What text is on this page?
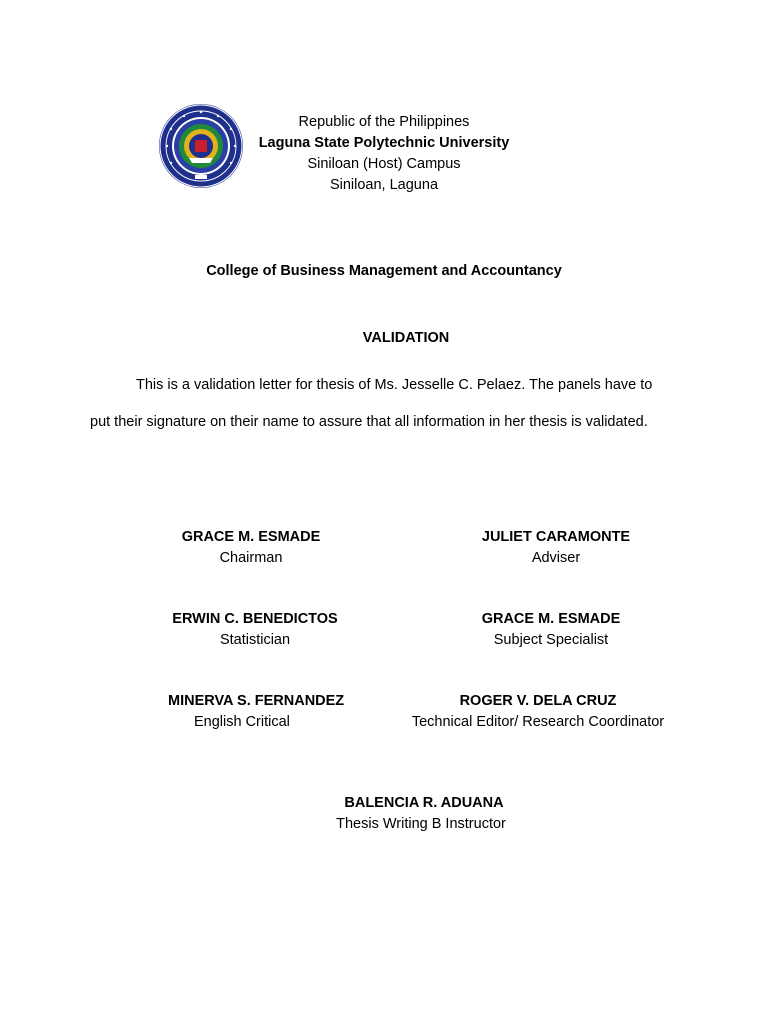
Republic of the Philippines
Laguna State Polytechnic University
Siniloan (Host) Campus
Siniloan, Laguna
College of Business Management and Accountancy
VALIDATION
This is a validation letter for thesis of Ms. Jesselle C. Pelaez. The panels have to
put their signature on their name to assure that all information in her thesis is validated.
GRACE M. ESMADE
Chairman
JULIET CARAMONTE
Adviser
ERWIN C. BENEDICTOS
Statistician
GRACE M. ESMADE
Subject Specialist
MINERVA S. FERNANDEZ
English Critical
ROGER V. DELA CRUZ
Technical Editor/ Research Coordinator
BALENCIA R. ADUANA
Thesis Writing B Instructor
